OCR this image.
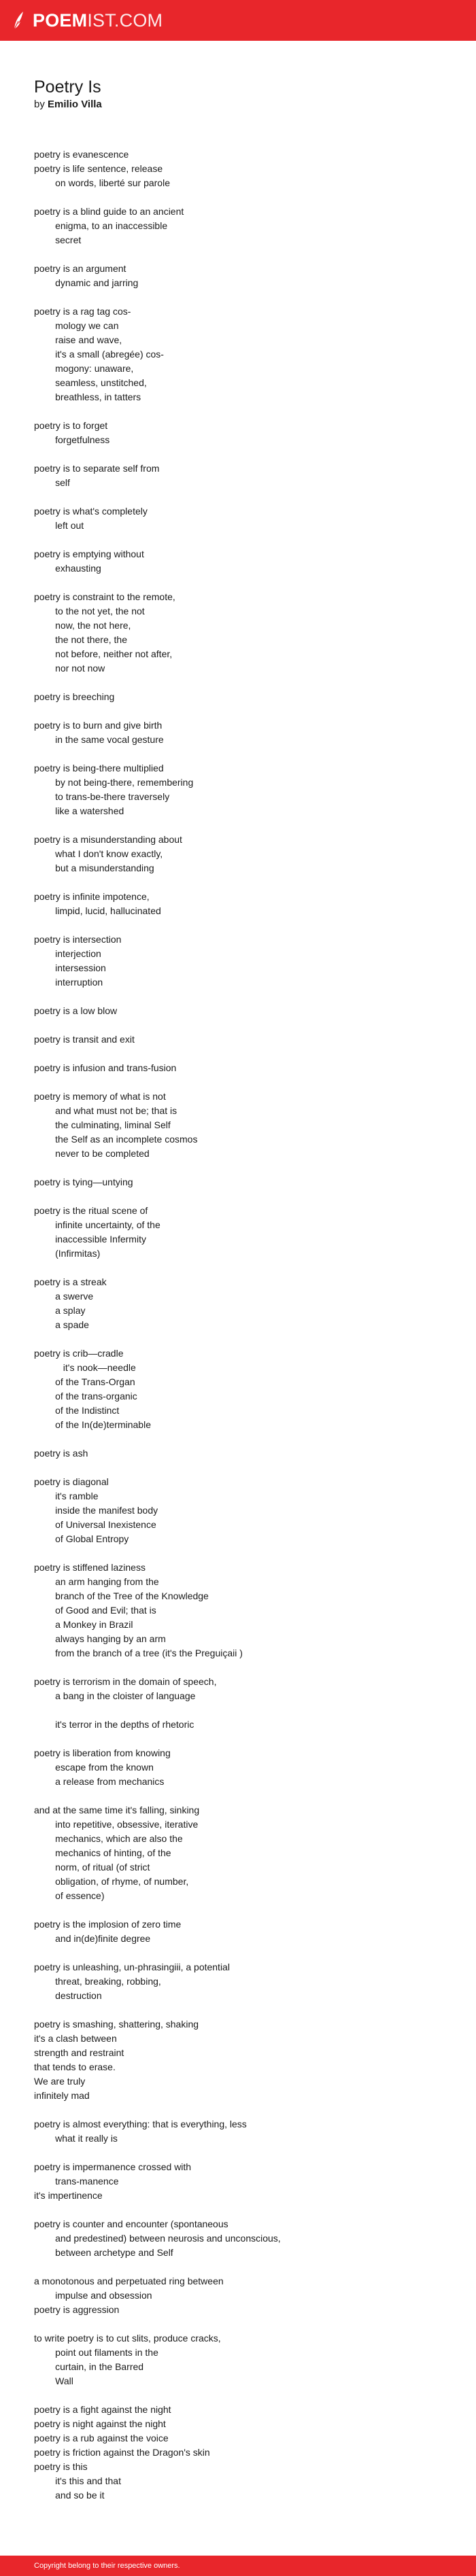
POEMIST.COM
Poetry Is
by Emilio Villa
poetry is evanescence
poetry is life sentence, release
	on words, liberté sur parole
poetry is a blind guide to an ancient
	enigma, to an inaccessible
	secret
poetry is an argument
	dynamic and jarring
poetry is a rag tag cos-
	mology we can
	raise and wave,
	it's a small (abregée) cos-
	mogony: unaware,
	seamless, unstitched,
	breathless, in tatters
poetry is to forget
	forgetfulness
poetry is to separate self from
	self
poetry is what's completely
	left out
poetry is emptying without
	exhausting
poetry is constraint to the remote,
	to the not yet, the not
	now, the not here,
	the not there, the
	not before, neither not after,
	nor not now
poetry is breeching
poetry is to burn and give birth
	in the same vocal gesture
poetry is being-there multiplied
	by not being-there, remembering
	to trans-be-there traversely
	like a watershed
poetry is a misunderstanding about
	what I don't know exactly,
	but a misunderstanding
poetry is infinite impotence,
	limpid, lucid, hallucinated
poetry is intersection
	interjection
	intersession
	interruption
poetry is a low blow
poetry is transit and exit
poetry is infusion and trans-fusion
poetry is memory of what is not
	and what must not be; that is
	the culminating, liminal Self
	the Self as an incomplete cosmos
	never to be completed
poetry is tying—untying
poetry is the ritual scene of
	infinite uncertainty, of the
	inaccessible Infermity
	(Infirmitas)
poetry is a streak
	a swerve
	a splay
	a spade
poetry is crib—cradle
it's nook—needle
	of the Trans-Organ
	of the trans-organic
	of the Indistinct
	of the In(de)terminable
poetry is ash
poetry is diagonal
	it's ramble
	inside the manifest body
	of Universal Inexistence
	of Global Entropy
poetry is stiffened laziness
	an arm hanging from the
	branch of the Tree of the Knowledge
	of Good and Evil; that is
	a Monkey in Brazil
	always hanging by an arm
	from the branch of a tree (it's the Preguiçaii )
poetry is terrorism in the domain of speech,
	a bang in the cloister of language
	it's terror in the depths of rhetoric
poetry is liberation from knowing
	escape from the known
	a release from mechanics
and at the same time it's falling, sinking
	into repetitive, obsessive, iterative
	mechanics, which are also the
	mechanics of hinting, of the
	norm, of ritual (of strict
	obligation, of rhyme, of number,
	of essence)
poetry is the implosion of zero time
	and in(de)finite degree
poetry is unleashing, un-phrasingiii, a potential
	threat, breaking, robbing,
	destruction
poetry is smashing, shattering, shaking
it's a clash between
strength and restraint
that tends to erase.
We are truly
infinitely mad
poetry is almost everything: that is everything, less
	what it really is
poetry is impermanence crossed with
	trans-manence
it's impertinence
poetry is counter and encounter (spontaneous
	and predestined) between neurosis and unconscious,
	between archetype and Self
a monotonous and perpetuated ring between
	impulse and obsession
poetry is aggression
to write poetry is to cut slits, produce cracks,
	point out filaments in the
	curtain, in the Barred
	Wall
poetry is a fight against the night
poetry is night against the night
poetry is a rub against the voice
poetry is friction against the Dragon's skin
poetry is this
	it's this and that
	and so be it
Copyright belong to their respective owners.
